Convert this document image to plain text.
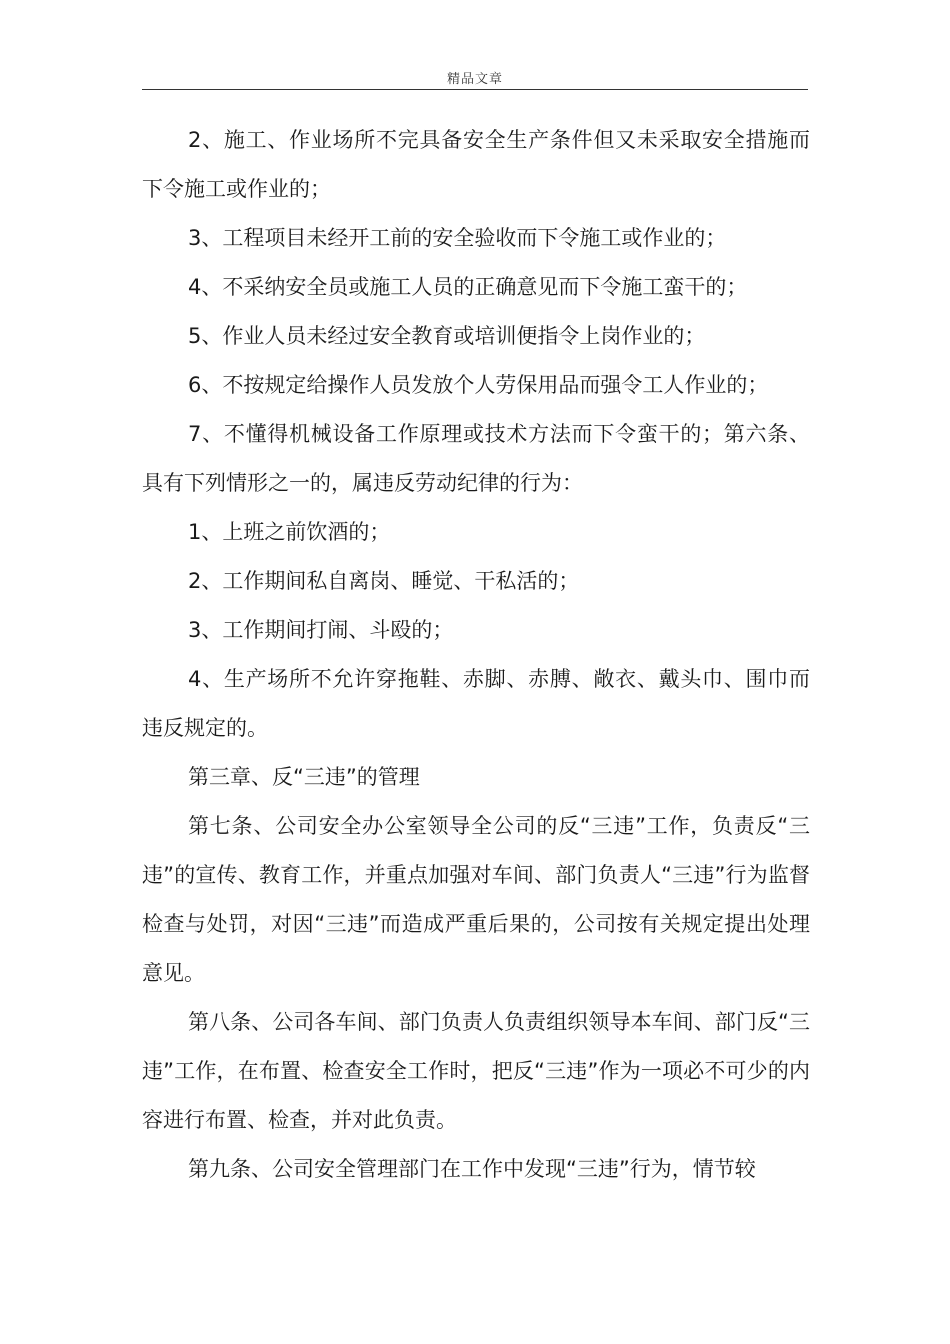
精品文章

2、施工、作业场所不完具备安全生产条件但又未采取安全措施而下令施工或作业的；

3、工程项目未经开工前的安全验收而下令施工或作业的；

4、不采纳安全员或施工人员的正确意见而下令施工蛮干的；

5、作业人员未经过安全教育或培训便指令上岗作业的；

6、不按规定给操作人员发放个人劳保用品而强令工人作业的；

7、不懂得机械设备工作原理或技术方法而下令蛮干的；第六条、具有下列情形之一的，属违反劳动纪律的行为：

1、上班之前饮酒的；

2、工作期间私自离岗、睡觉、干私活的；

3、工作期间打闹、斗殴的；

4、生产场所不允许穿拖鞋、赤脚、赤膊、敞衣、戴头巾、围巾而违反规定的。

第三章、反“三违”的管理

第七条、公司安全办公室领导全公司的反“三违”工作，负责反“三违”的宣传、教育工作，并重点加强对车间、部门负责人“三违”行为监督检查与处罚，对因“三违”而造成严重后果的，公司按有关规定提出处理意见。

第八条、公司各车间、部门负责人负责组织领导本车间、部门反“三违”工作，在布置、检查安全工作时，把反“三违”作为一项必不可少的内容进行布置、检查，并对此负责。

第九条、公司安全管理部门在工作中发现“三违”行为，情节较
